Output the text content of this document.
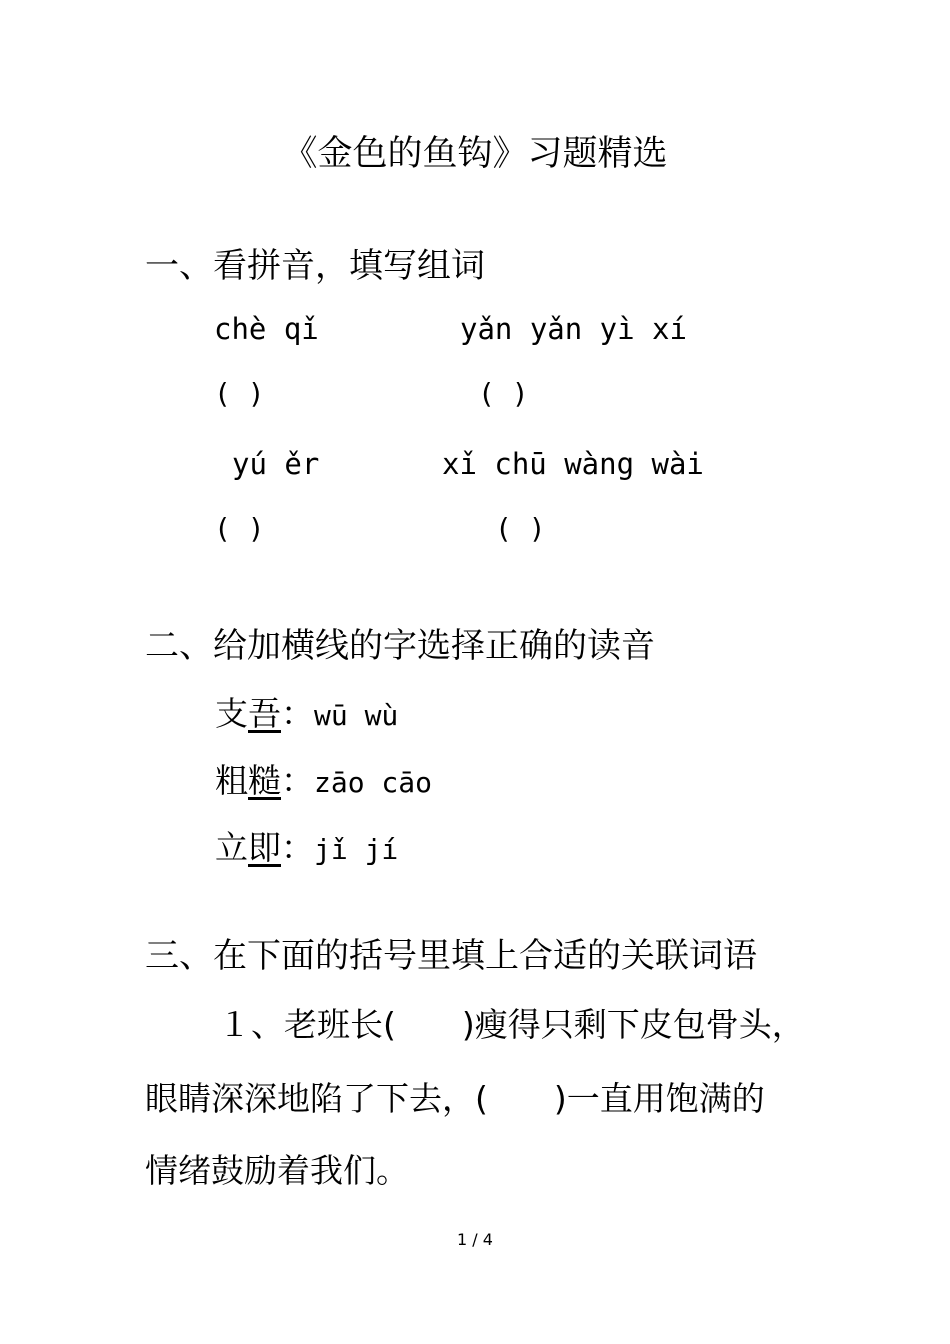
《金色的鱼钩》习题精选
一、看拼音，填写组词
chè qǐ	yǎn yǎn yì xí
( )	( )
yú ěr	xǐ chū wàng wài
( )	( )
二、给加横线的字选择正确的读音
支吾：wū wù
粗糙：zāo cāo
立即：jǐ jí
三、在下面的括号里填上合适的关联词语
１、老班长(　　)瘦得只剩下皮包骨头，
眼睛深深地陷了下去，(　　)一直用饱满的
情绪鼓励着我们。
1 / 4
